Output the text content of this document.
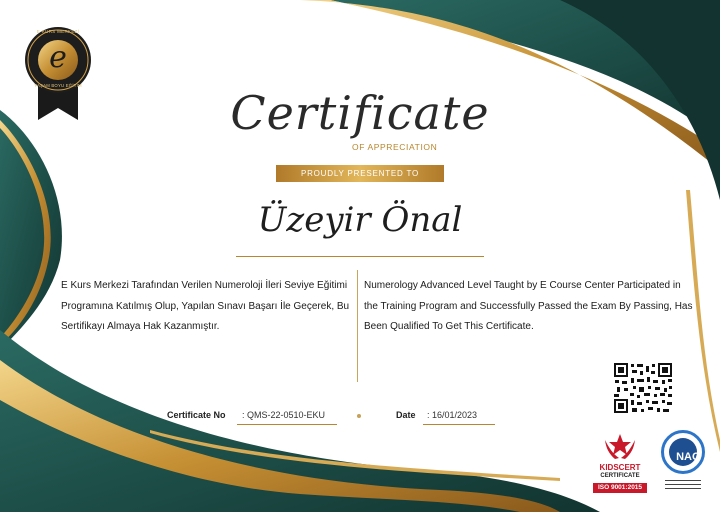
E-KURS MERKEZİ
e
YAŞAM BOYU EĞİTİM
Certificate
OF APPRECIATION
PROUDLY PRESENTED TO
Üzeyir Önal
E Kurs Merkezi Tarafından Verilen Numeroloji İleri Seviye Eğitimi Programına Katılmış Olup, Yapılan Sınavı Başarı İle Geçerek, Bu Sertifikayı Almaya Hak Kazanmıştır.
Numerology Advanced Level Taught by E Course Center Participated in the Training Program and Successfully Passed the Exam By Passing, Has Been Qualified To Get This Certificate.
Certificate No : QMS-22-0510-EKU	Date : 16/01/2023
KIDSCERT
CERTIFICATE
ISO 9001:2015
NAC
